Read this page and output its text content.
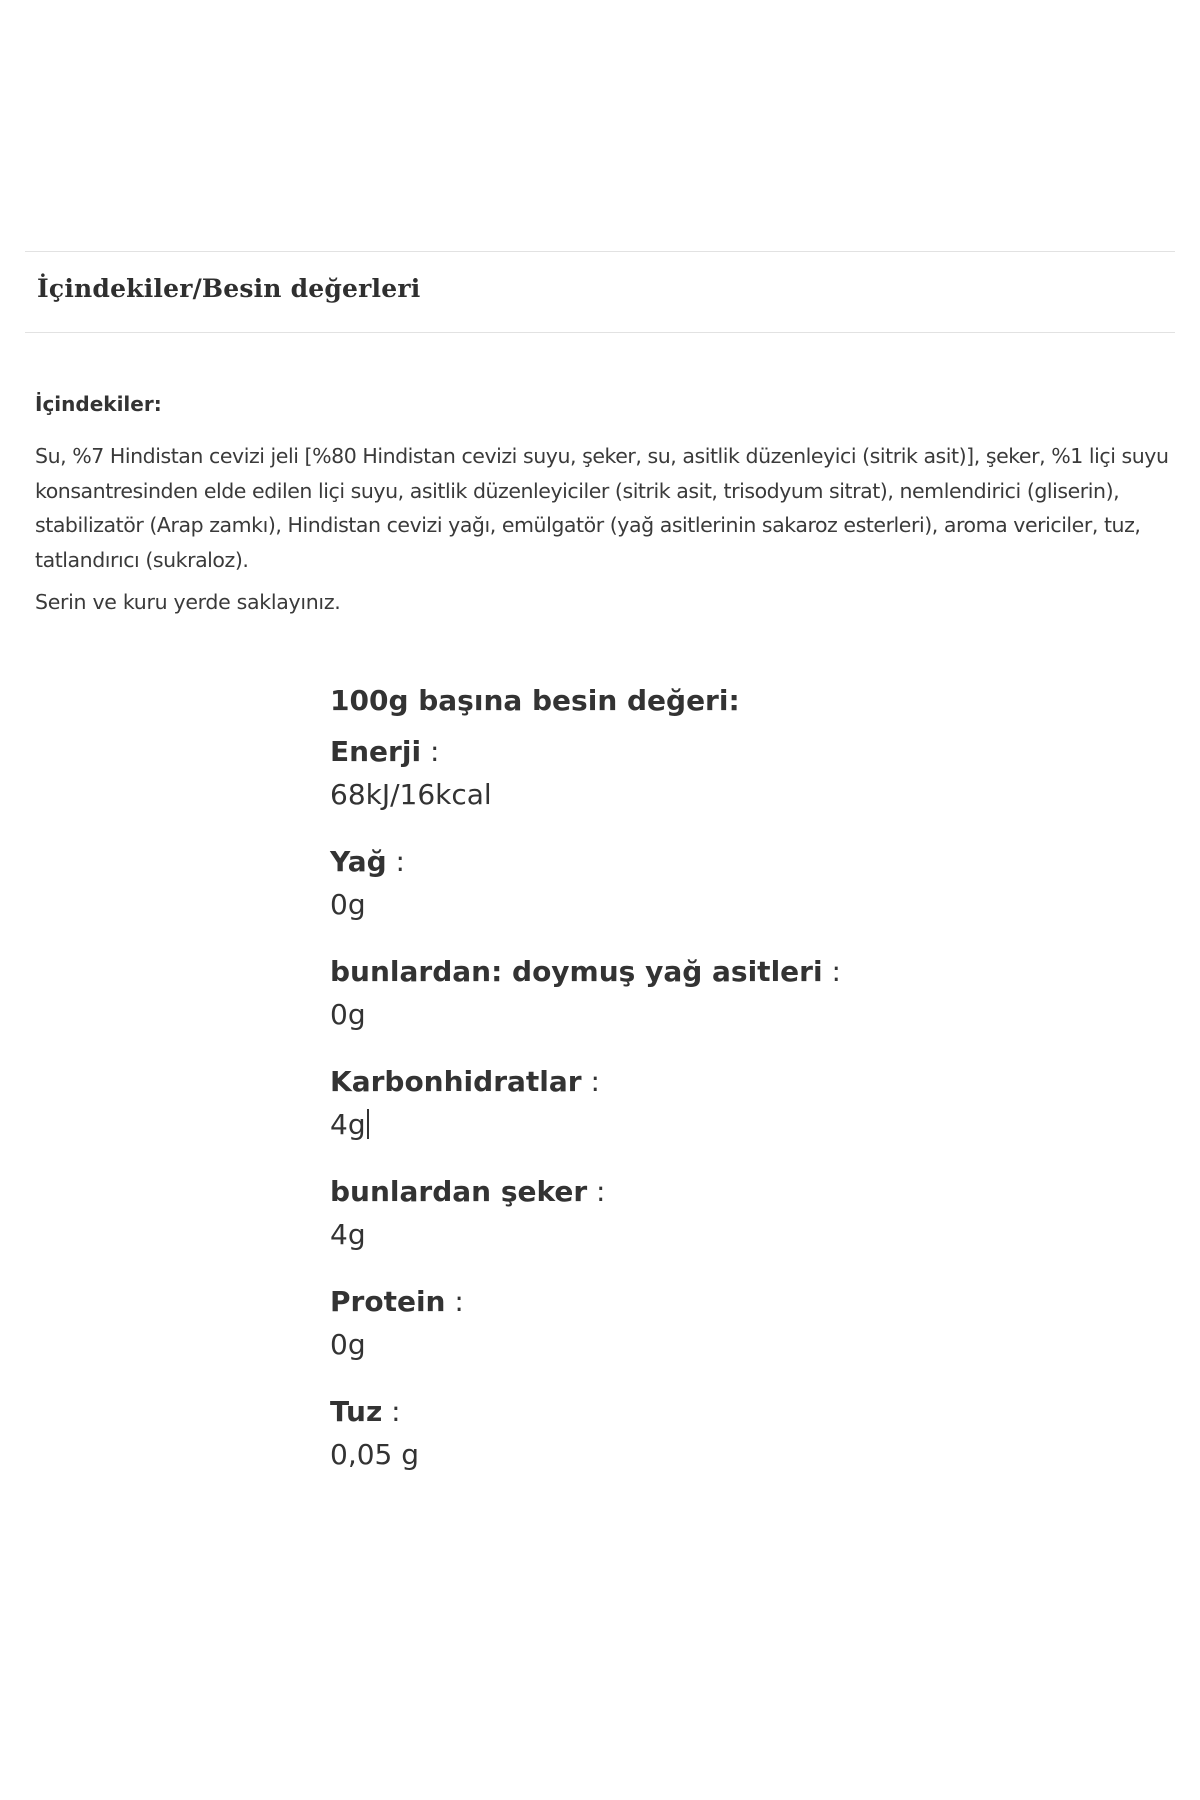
İçindekiler/Besin değerleri
İçindekiler:

Su, %7 Hindistan cevizi jeli [%80 Hindistan cevizi suyu, şeker, su, asitlik düzenleyici (sitrik asit)], şeker, %1 liçi suyu konsantresinden elde edilen liçi suyu, asitlik düzenleyiciler (sitrik asit, trisodyum sitrat), nemlendirici (gliserin), stabilizatör (Arap zamkı), Hindistan cevizi yağı, emülgatör (yağ asitlerinin sakaroz esterleri), aroma vericiler, tuz, tatlandırıcı (sukraloz).

Serin ve kuru yerde saklayınız.

100g başına besin değeri:
Enerji :
68kJ/16kcal
Yağ :
0g
bunlardan: doymuş yağ asitleri :
0g
Karbonhidratlar :
4g
bunlardan şeker :
4g
Protein :
0g
Tuz :
0,05 g
